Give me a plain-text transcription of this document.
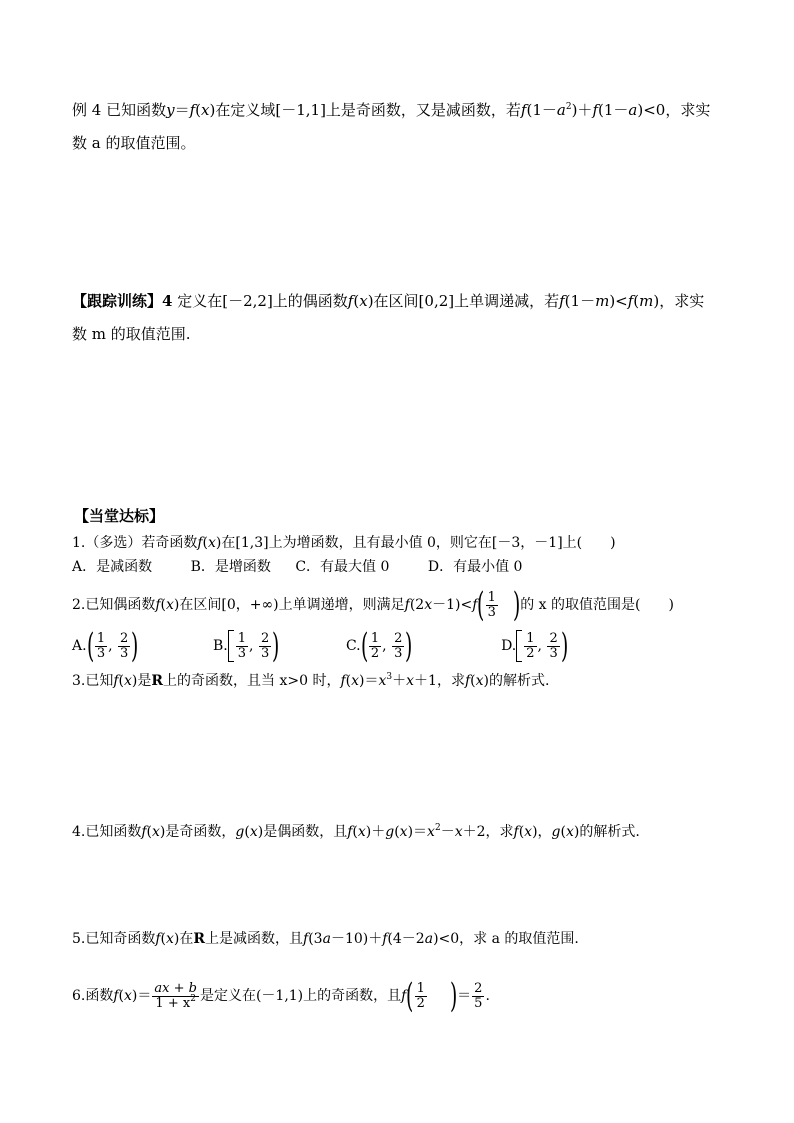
例 4 已知函数y＝f(x)在定义域[－1,1]上是奇函数，又是减函数，若$f(1-a^2)+f(1-a)<0$，求实
数 a 的取值范围。
【跟踪训练】4 定义在[－2,2]上的偶函数f(x)在区间[0,2]上单调递减，若f(1－m)<f(m)，求实
数 m 的取值范围.
【当堂达标】
1.（多选）若奇函数f(x)在[1,3]上为增函数，且有最小值 0，则它在[－3，－1]上(　　)
A．是减函数	B．是增函数 C．有最大值 0	D．有最小值 0
2.已知偶函数f(x)在区间[0，+∞)上单调递增，则满足$f(2x-1)<f( \frac{1}{3}$ )的 x 的取值范围是(　　)
$A.( \frac{1}{3}$ , $\frac{2}{3}$ )	B. $\frac{1}{3}$ , $\frac{2}{3}$ )	$C.( \frac{1}{2}$ , $\frac{2}{3}$ )	D. $\frac{1}{2}$ , $\frac{2}{3}$ )
3.已知f(x)是R上的奇函数，且当 x>0 时，$f(x)=x^3+x+1$，求f(x)的解析式.
4.已知函数f(x)是奇函数，g(x)是偶函数，且$f(x)+g(x)=x^2-x+2$，求f(x)，g(x)的解析式.
5.已知奇函数f(x)在R上是减函数，且f(3a－10)＋f(4－2a)<0，求 a 的取值范围.
6.函数$f(x)= \frac{ax + b}{1 + x^2}$ 是定义在(－1,1)上的奇函数，且$f( \frac{1}{2}$ )＝ $\frac{2}{5}$ .
